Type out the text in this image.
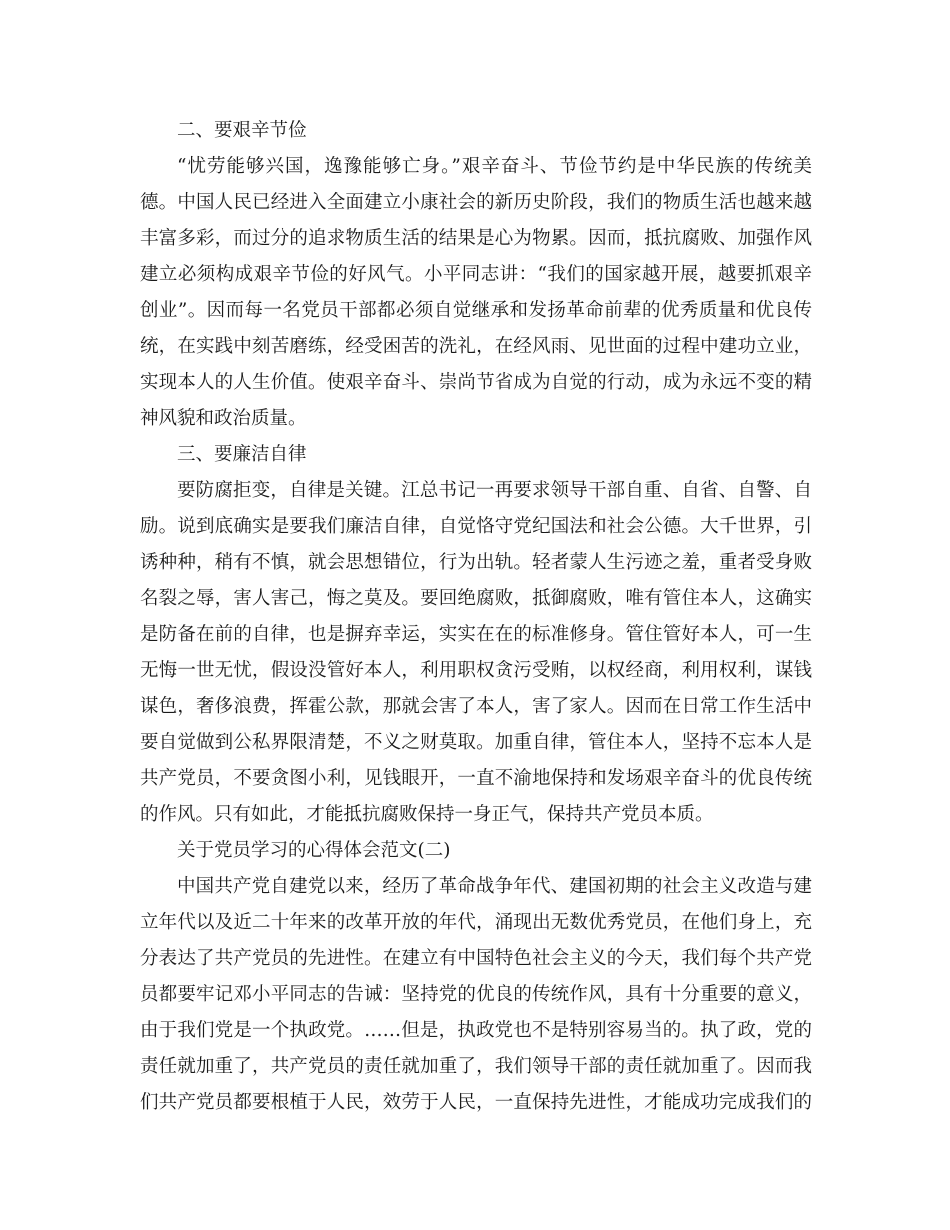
二、要艰辛节俭
“忧劳能够兴国，逸豫能够亡身。”艰辛奋斗、节俭节约是中华民族的传统美
德。中国人民已经进入全面建立小康社会的新历史阶段，我们的物质生活也越来越
丰富多彩，而过分的追求物质生活的结果是心为物累。因而，抵抗腐败、加强作风
建立必须构成艰辛节俭的好风气。小平同志讲：“我们的国家越开展，越要抓艰辛
创业”。因而每一名党员干部都必须自觉继承和发扬革命前辈的优秀质量和优良传
统，在实践中刻苦磨练，经受困苦的洗礼，在经风雨、见世面的过程中建功立业，
实现本人的人生价值。使艰辛奋斗、崇尚节省成为自觉的行动，成为永远不变的精
神风貌和政治质量。
三、要廉洁自律
要防腐拒变，自律是关键。江总书记一再要求领导干部自重、自省、自警、自
励。说到底确实是要我们廉洁自律，自觉恪守党纪国法和社会公德。大千世界，引
诱种种，稍有不慎，就会思想错位，行为出轨。轻者蒙人生污迹之羞，重者受身败
名裂之辱，害人害己，悔之莫及。要回绝腐败，抵御腐败，唯有管住本人，这确实
是防备在前的自律，也是摒弃幸运，实实在在的标准修身。管住管好本人，可一生
无悔一世无忧，假设没管好本人，利用职权贪污受贿，以权经商，利用权利，谋钱
谋色，奢侈浪费，挥霍公款，那就会害了本人，害了家人。因而在日常工作生活中
要自觉做到公私界限清楚，不义之财莫取。加重自律，管住本人，坚持不忘本人是
共产党员，不要贪图小利，见钱眼开，一直不渝地保持和发场艰辛奋斗的优良传统
的作风。只有如此，才能抵抗腐败保持一身正气，保持共产党员本质。
关于党员学习的心得体会范文(二)
中国共产党自建党以来，经历了革命战争年代、建国初期的社会主义改造与建
立年代以及近二十年来的改革开放的年代，涌现出无数优秀党员，在他们身上，充
分表达了共产党员的先进性。在建立有中国特色社会主义的今天，我们每个共产党
员都要牢记邓小平同志的告诫：坚持党的优良的传统作风，具有十分重要的意义，
由于我们党是一个执政党。……但是，执政党也不是特别容易当的。执了政，党的
责任就加重了，共产党员的责任就加重了，我们领导干部的责任就加重了。因而我
们共产党员都要根植于人民，效劳于人民，一直保持先进性，才能成功完成我们的
